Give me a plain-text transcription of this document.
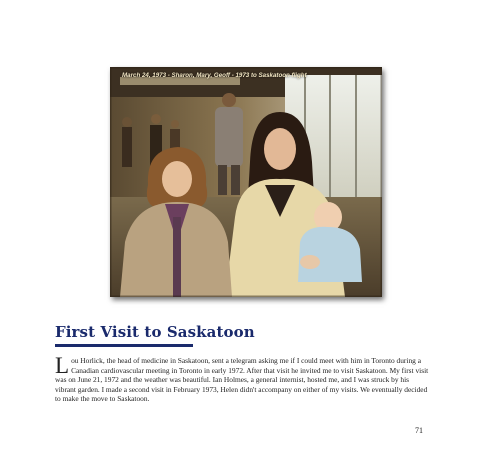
March 24, 1973 - Sharon, Mary, Geoff - 1973 to Saskatoon flight
First Visit to Saskatoon
Lou Horlick, the head of medicine in Saskatoon, sent a telegram asking me if I could meet with him in Toronto during a Canadian cardiovascular meeting in Toronto in early 1972. After that visit he invited me to visit Saskatoon. My first visit was on June 21, 1972 and the weather was beautiful. Ian Holmes, a general internist, hosted me, and I was struck by his vibrant garden. I made a second visit in February 1973, Helen didn't accompany on either of my visits. We eventually decided to make the move to Saskatoon.
71
